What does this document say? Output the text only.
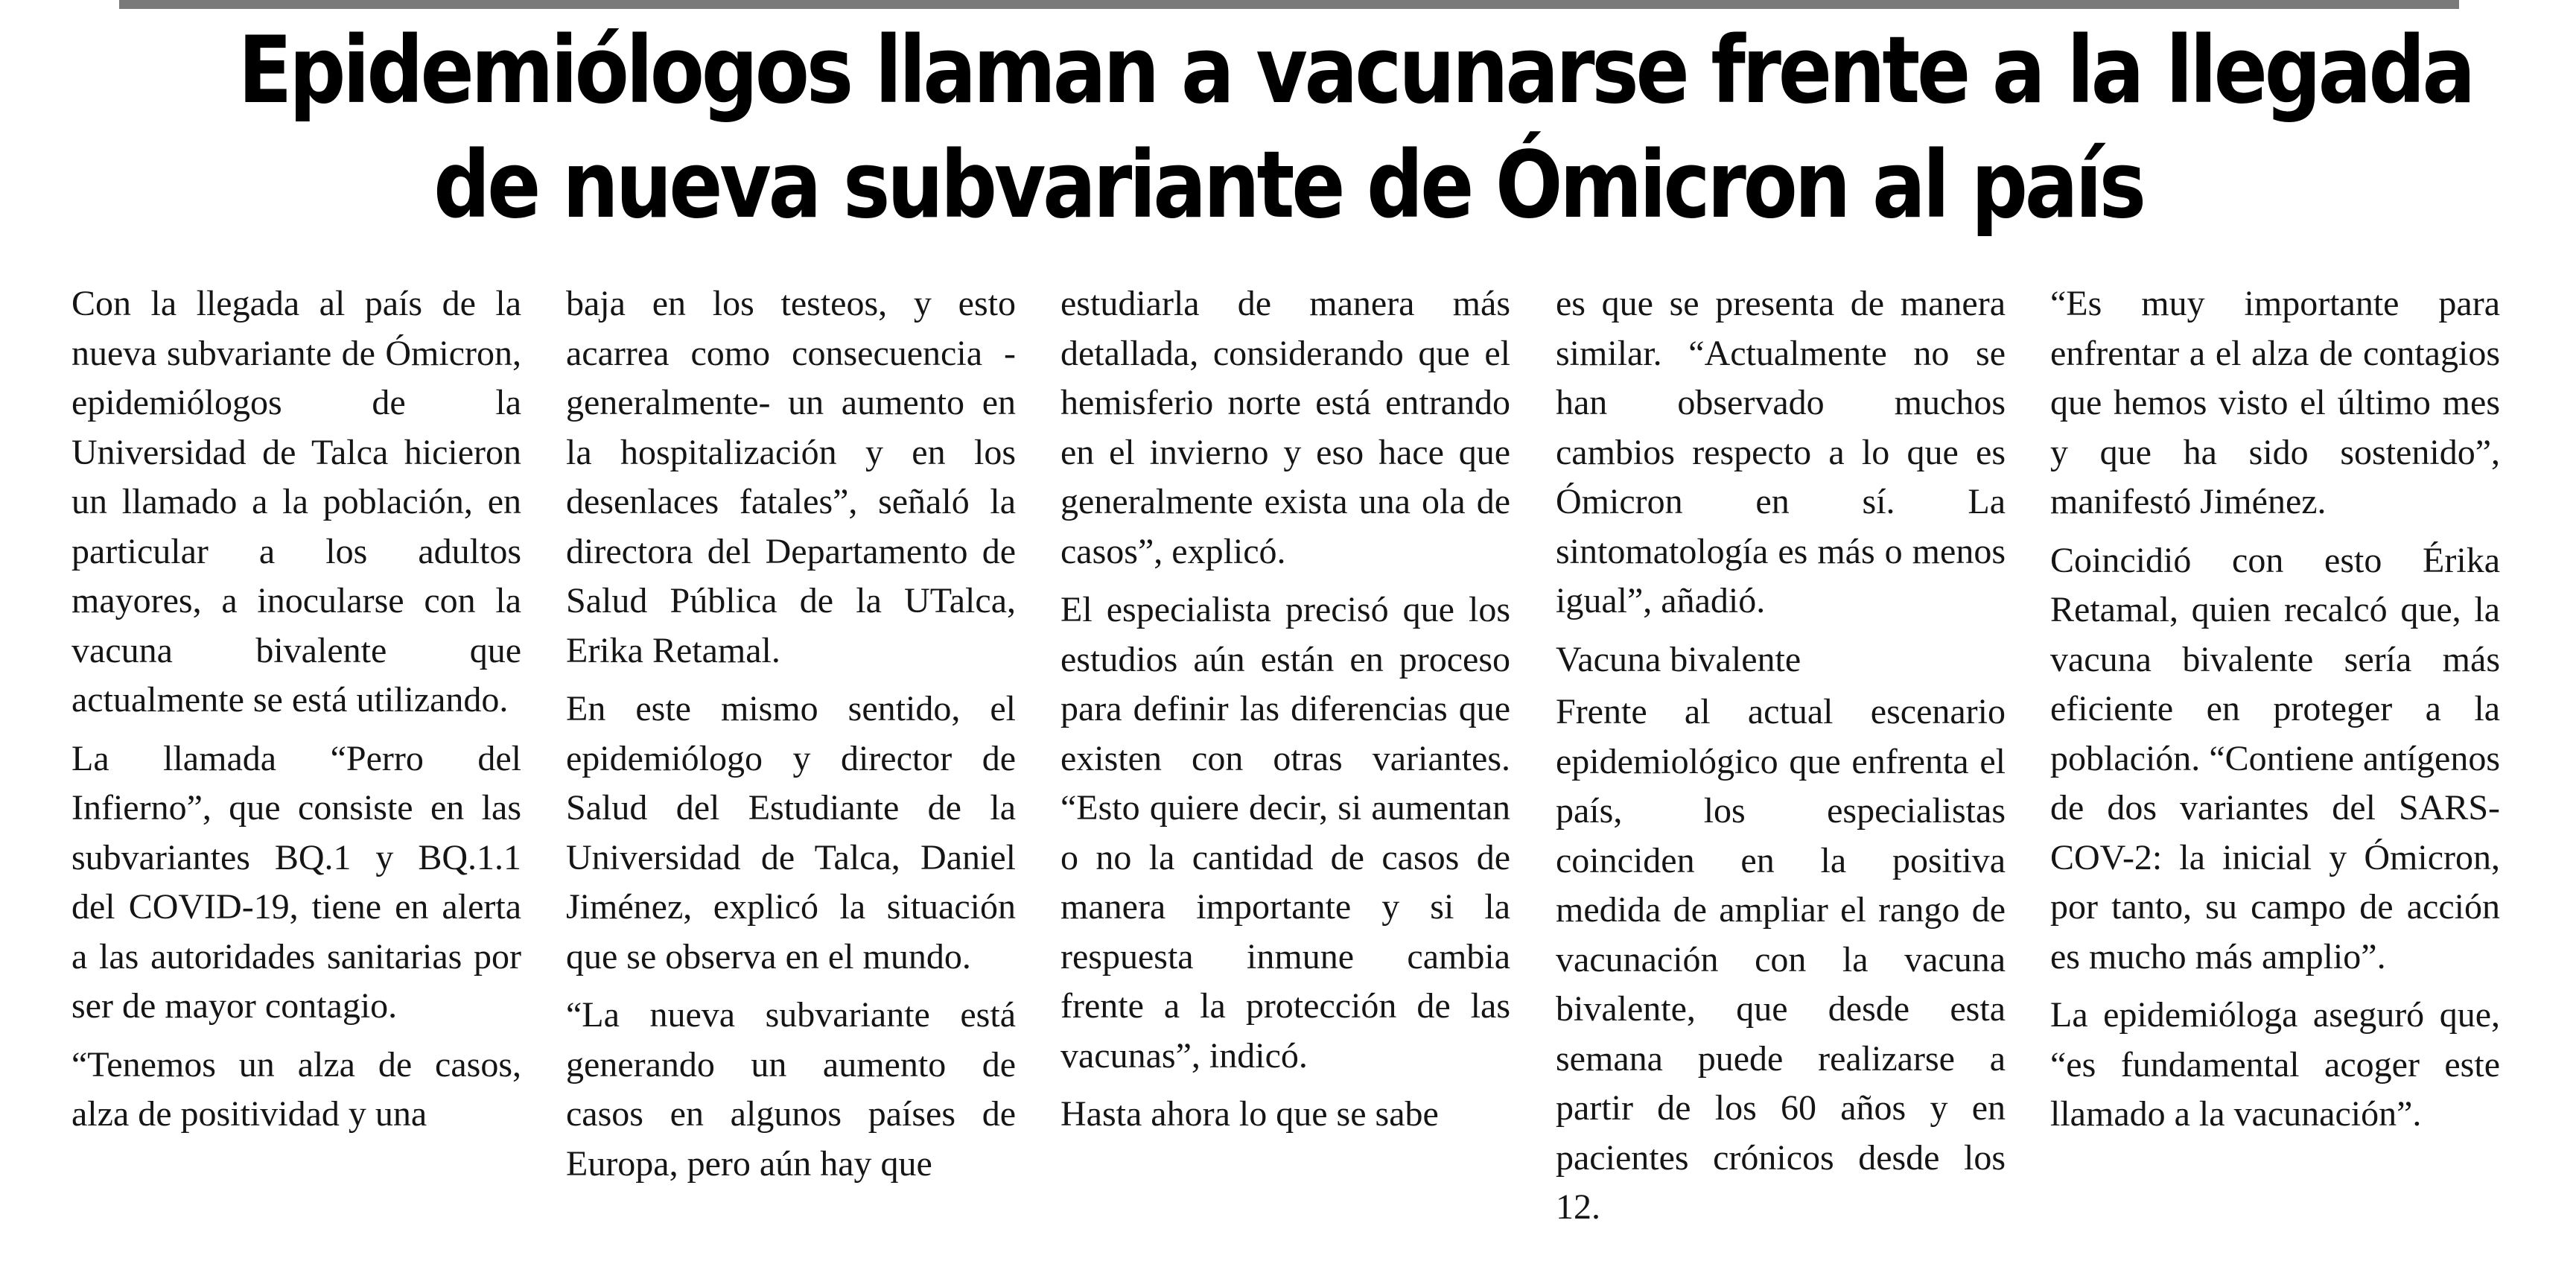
Epidemiólogos llaman a vacunarse frente a la llegada
de nueva subvariante de Ómicron al país

Con la llegada al país de la nueva subvariante de Ómicron, epidemiólogos de la Universidad de Talca hicieron un llamado a la población, en particular a los adultos mayores, a inocularse con la vacuna bivalente que actualmente se está utilizando.

La llamada “Perro del Infierno”, que consiste en las subvariantes BQ.1 y BQ.1.1 del COVID-19, tiene en alerta a las autoridades sanitarias por ser de mayor contagio.

“Tenemos un alza de casos, alza de positividad y una

baja en los testeos, y esto acarrea como consecuencia -generalmente- un aumento en la hospitalización y en los desenlaces fatales”, señaló la directora del Departamento de Salud Pública de la UTalca, Erika Retamal.

En este mismo sentido, el epidemiólogo y director de Salud del Estudiante de la Universidad de Talca, Daniel Jiménez, explicó la situación que se observa en el mundo.

“La nueva subvariante está generando un aumento de casos en algunos países de Europa, pero aún hay que

estudiarla de manera más detallada, considerando que el hemisferio norte está entrando en el invierno y eso hace que generalmente exista una ola de casos”, explicó.

El especialista precisó que los estudios aún están en proceso para definir las diferencias que existen con otras variantes. “Esto quiere decir, si aumentan o no la cantidad de casos de manera importante y si la respuesta inmune cambia frente a la protección de las vacunas”, indicó.

Hasta ahora lo que se sabe

es que se presenta de manera similar. “Actualmente no se han observado muchos cambios respecto a lo que es Ómicron en sí. La sintomatología es más o menos igual”, añadió.

Vacuna bivalente

Frente al actual escenario epidemiológico que enfrenta el país, los especialistas coinciden en la positiva medida de ampliar el rango de vacunación con la vacuna bivalente, que desde esta semana puede realizarse a partir de los 60 años y en pacientes crónicos desde los 12.

“Es muy importante para enfrentar a el alza de contagios que hemos visto el último mes y que ha sido sostenido”, manifestó Jiménez.

Coincidió con esto Érika Retamal, quien recalcó que, la vacuna bivalente sería más eficiente en proteger a la población. “Contiene antígenos de dos variantes del SARS-COV-2: la inicial y Ómicron, por tanto, su campo de acción es mucho más amplio”.

La epidemióloga aseguró que, “es fundamental acoger este llamado a la vacunación”.
